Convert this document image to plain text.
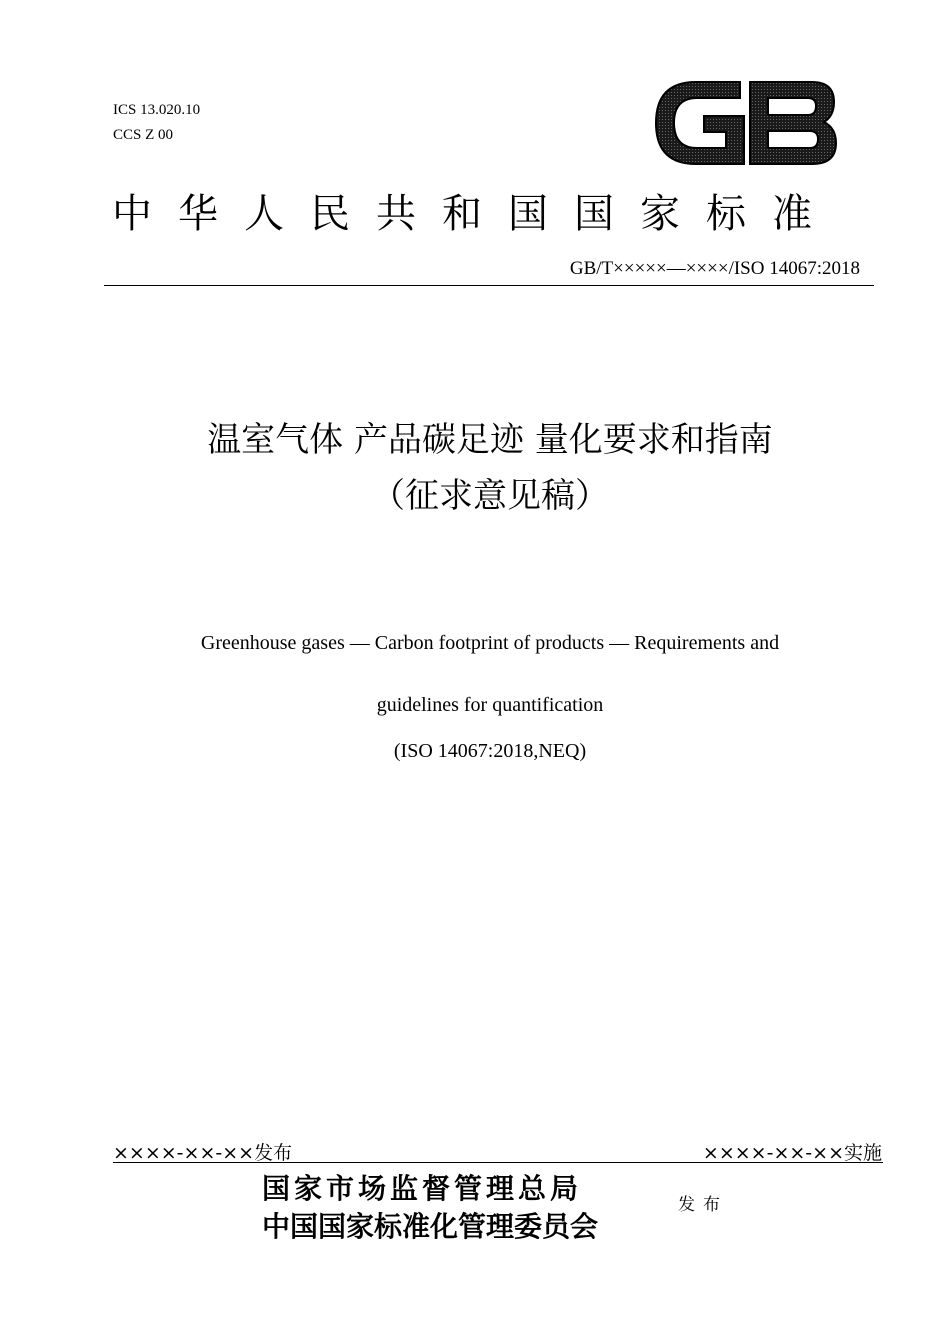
ICS 13.020.10
CCS Z 00
中华人民共和国国家标准
GB/T×××××—××××/ISO 14067:2018
温室气体 产品碳足迹 量化要求和指南
（征求意见稿）
Greenhouse gases — Carbon footprint of products — Requirements and
guidelines for quantification
(ISO 14067:2018,NEQ)
××××-××-××发布	××××-××-××实施
国家市场监督管理总局
中国国家标准化管理委员会
发布
